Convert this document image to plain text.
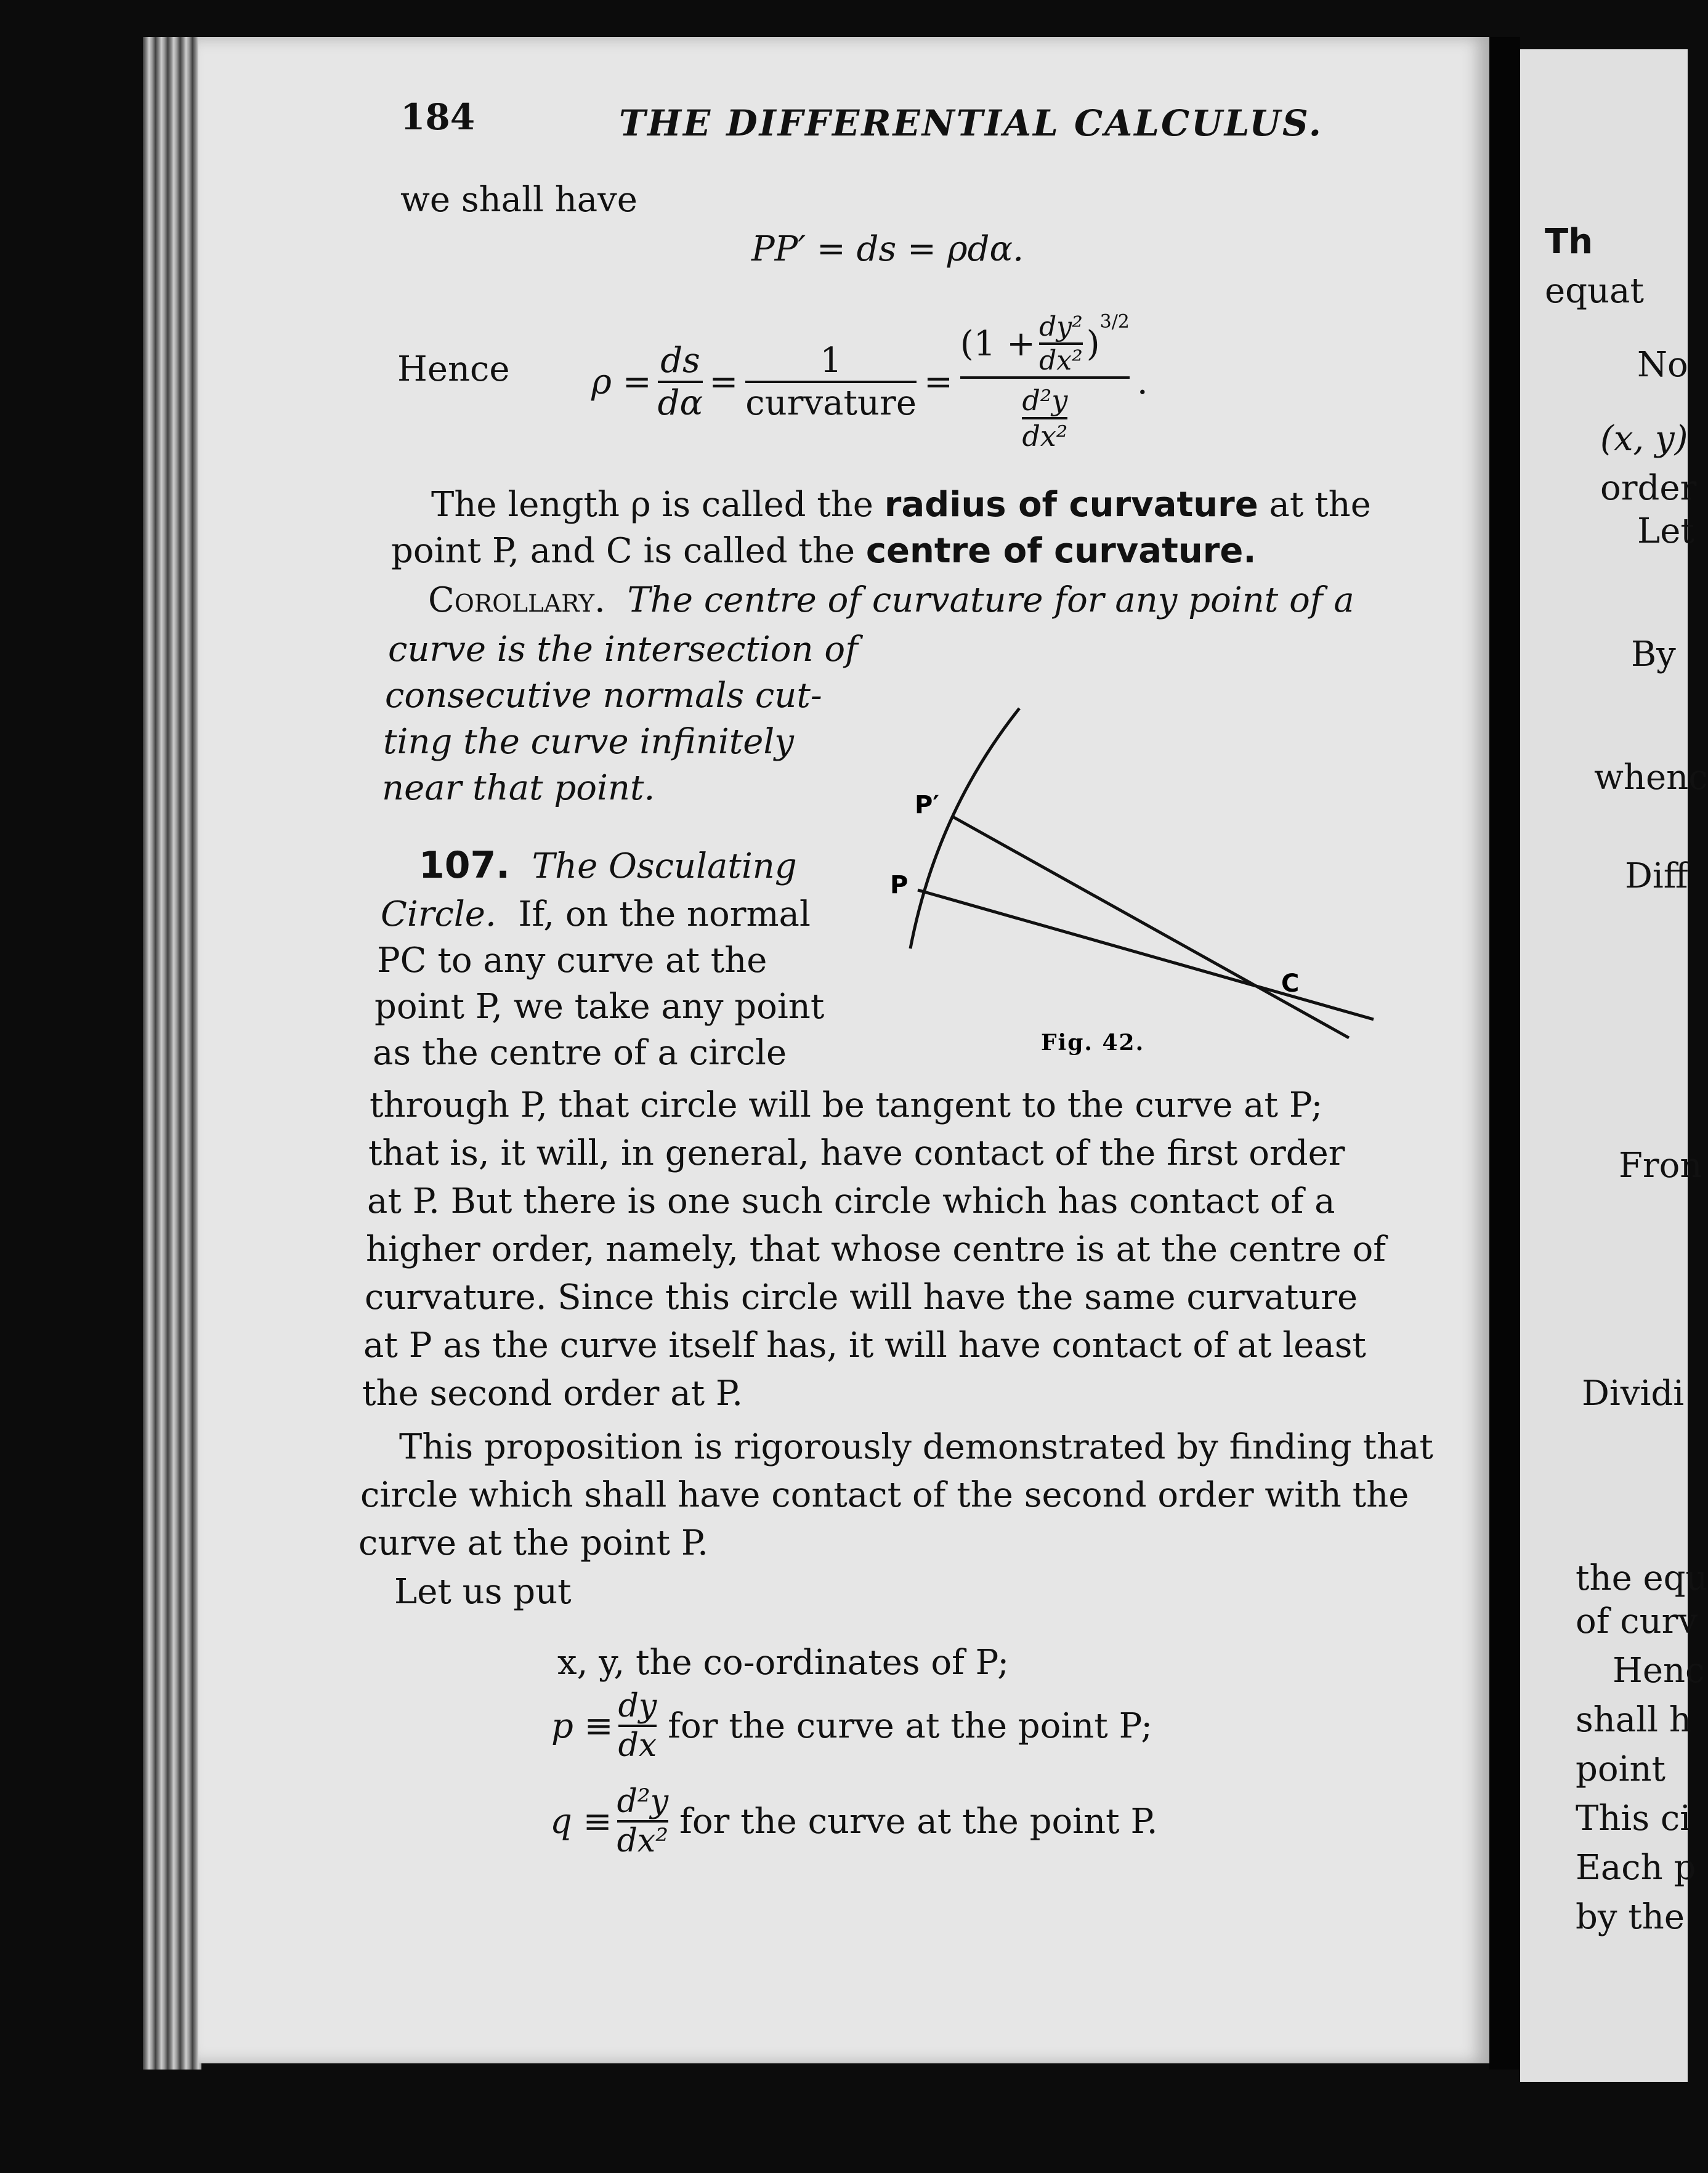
Th
equat
No
(x, y)
order
Let
By
whenc
Diff
Fron
Dividi
the equ
of curv
Henc
shall h
point
This ci
Each p
by the
184	THE DIFFERENTIAL CALCULUS.
we shall have
PP′ = ds = ρdα.
Hence $\rho = \frac{ds}{d\alpha} = \frac{1}{\text{curvature}} = (1 + \frac{\text{dy²}}{\text{dx²}}$ )
$^{3/2}$
$\frac{\text{d²y}}{\text{dx²}}$ .
The length ρ is called the radius of curvature at the
point P, and C is called the centre of curvature.
Corollary. The centre of curvature for any point of a
curve is the intersection of
consecutive normals cut-
ting the curve infinitely
near that point.
107. The Osculating
Circle. If, on the normal
PC to any curve at the
point P, we take any point
as the centre of a circle
P′
P
C
Fig. 42.
through P, that circle will be tangent to the curve at P;
that is, it will, in general, have contact of the first order
at P. But there is one such circle which has contact of a
higher order, namely, that whose centre is at the centre of
curvature. Since this circle will have the same curvature
at P as the curve itself has, it will have contact of at least
the second order at P.
This proposition is rigorously demonstrated by finding that
circle which shall have contact of the second order with the
curve at the point P.
Let us put
x, y, the co-ordinates of P;
$p \equiv \frac{dy}{dx}$ for the curve at the point P;
$q \equiv \frac{\text{d²y}}{\text{dx²}}$ for the curve at the point P.
